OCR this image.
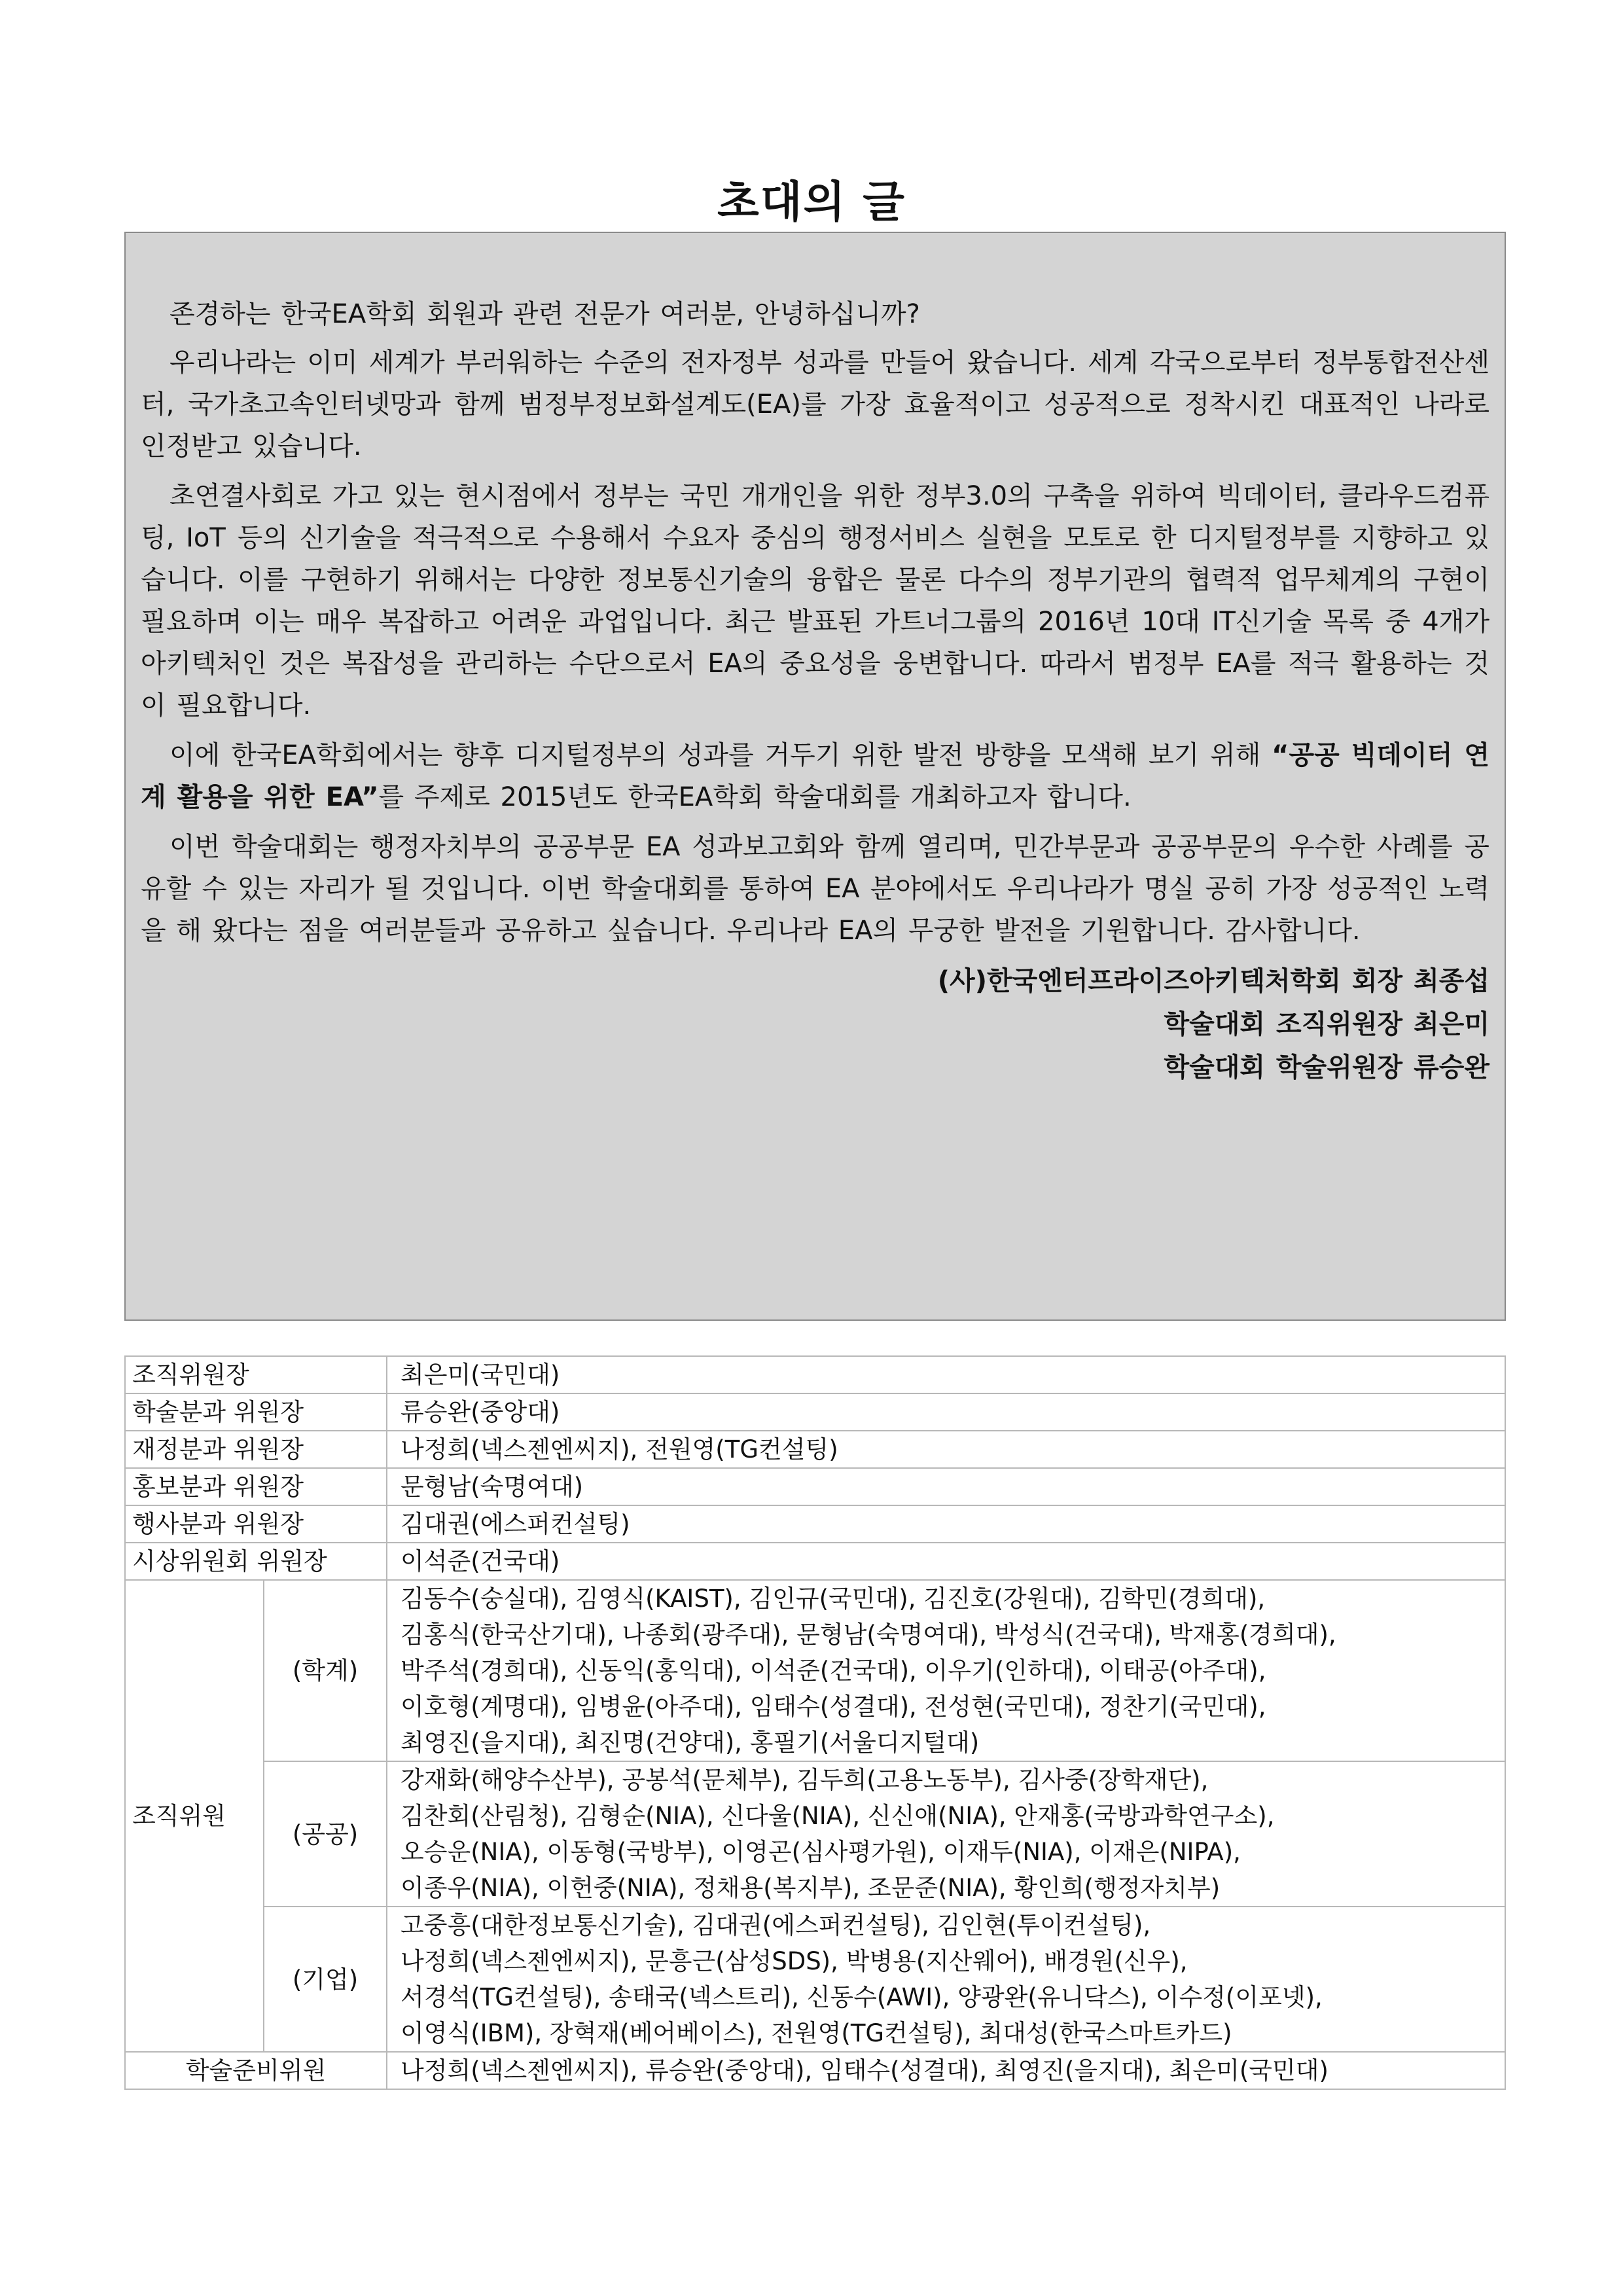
초대의 글

존경하는 한국EA학회 회원과 관련 전문가 여러분, 안녕하십니까?

우리나라는 이미 세계가 부러워하는 수준의 전자정부 성과를 만들어 왔습니다. 세계 각국으로부터 정부통합전산센터, 국가초고속인터넷망과 함께 범정부정보화설계도(EA)를 가장 효율적이고 성공적으로 정착시킨 대표적인 나라로 인정받고 있습니다.

초연결사회로 가고 있는 현시점에서 정부는 국민 개개인을 위한 정부3.0의 구축을 위하여 빅데이터, 클라우드컴퓨팅, IoT 등의 신기술을 적극적으로 수용해서 수요자 중심의 행정서비스 실현을 모토로 한 디지털정부를 지향하고 있습니다. 이를 구현하기 위해서는 다양한 정보통신기술의 융합은 물론 다수의 정부기관의 협력적 업무체계의 구현이 필요하며 이는 매우 복잡하고 어려운 과업입니다. 최근 발표된 가트너그룹의 2016년 10대 IT신기술 목록 중 4개가 아키텍처인 것은 복잡성을 관리하는 수단으로서 EA의 중요성을 웅변합니다. 따라서 범정부 EA를 적극 활용하는 것이 필요합니다.

이에 한국EA학회에서는 향후 디지털정부의 성과를 거두기 위한 발전 방향을 모색해 보기 위해 “공공 빅데이터 연계 활용을 위한 EA”를 주제로 2015년도 한국EA학회 학술대회를 개최하고자 합니다.

이번 학술대회는 행정자치부의 공공부문 EA 성과보고회와 함께 열리며, 민간부문과 공공부문의 우수한 사례를 공유할 수 있는 자리가 될 것입니다. 이번 학술대회를 통하여 EA 분야에서도 우리나라가 명실 공히 가장 성공적인 노력을 해 왔다는 점을 여러분들과 공유하고 싶습니다. 우리나라 EA의 무궁한 발전을 기원합니다. 감사합니다.

(사)한국엔터프라이즈아키텍처학회 회장 최종섭
학술대회 조직위원장 최은미
학술대회 학술위원장 류승완
조직위원장		최은미(국민대)
학술분과 위원장		류승완(중앙대)
재정분과 위원장		나정희(넥스젠엔씨지), 전원영(TG컨설팅)
홍보분과 위원장		문형남(숙명여대)
행사분과 위원장		김대권(에스퍼컨설팅)
시상위원회 위원장		이석준(건국대)
조직위원	(학계)	김동수(숭실대), 김영식(KAIST), 김인규(국민대), 김진호(강원대), 김학민(경희대),
김홍식(한국산기대), 나종회(광주대), 문형남(숙명여대), 박성식(건국대), 박재홍(경희대),
박주석(경희대), 신동익(홍익대), 이석준(건국대), 이우기(인하대), 이태공(아주대),
이호형(계명대), 임병윤(아주대), 임태수(성결대), 전성현(국민대), 정찬기(국민대),
최영진(을지대), 최진명(건양대), 홍필기(서울디지털대)

	(공공)	강재화(해양수산부), 공봉석(문체부), 김두희(고용노동부), 김사중(장학재단),
김찬회(산림청), 김형순(NIA), 신다울(NIA), 신신애(NIA), 안재홍(국방과학연구소),
오승운(NIA), 이동형(국방부), 이영곤(심사평가원), 이재두(NIA), 이재은(NIPA),
이종우(NIA), 이헌중(NIA), 정채용(복지부), 조문준(NIA), 황인희(행정자치부)

	(기업)	고중흥(대한정보통신기술), 김대권(에스퍼컨설팅), 김인현(투이컨설팅),
나정희(넥스젠엔씨지), 문흥근(삼성SDS), 박병용(지산웨어), 배경원(신우),
서경석(TG컨설팅), 송태국(넥스트리), 신동수(AWI), 양광완(유니닥스), 이수정(이포넷),
이영식(IBM), 장혁재(베어베이스), 전원영(TG컨설팅), 최대성(한국스마트카드)

학술준비위원		나정희(넥스젠엔씨지), 류승완(중앙대), 임태수(성결대), 최영진(을지대), 최은미(국민대)
